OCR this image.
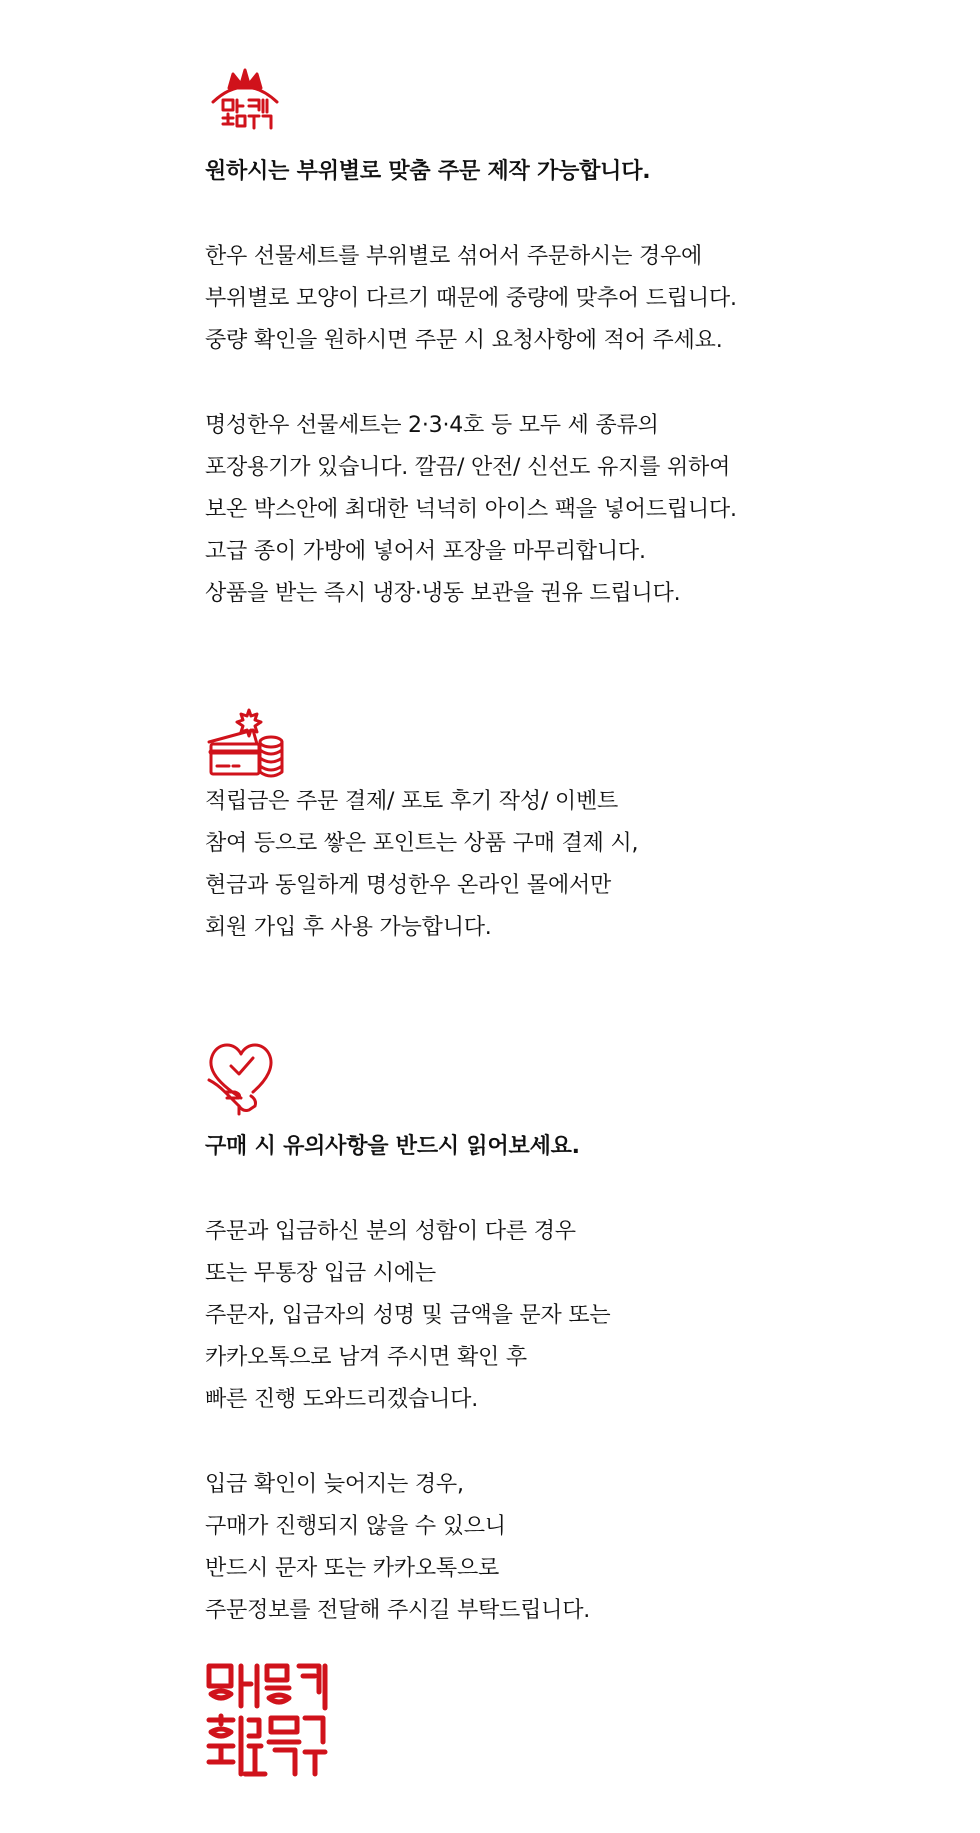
원하시는 부위별로 맞춤 주문 제작 가능합니다.
한우 선물세트를 부위별로 섞어서 주문하시는 경우에
부위별로 모양이 다르기 때문에 중량에 맞추어 드립니다.
중량 확인을 원하시면 주문 시 요청사항에 적어 주세요.
명성한우 선물세트는 2·3·4호 등 모두 세 종류의
포장용기가 있습니다. 깔끔/ 안전/ 신선도 유지를 위하여
보온 박스안에 최대한 넉넉히 아이스 팩을 넣어드립니다.
고급 종이 가방에 넣어서 포장을 마무리합니다.
상품을 받는 즉시 냉장·냉동 보관을 권유 드립니다.
적립금은 주문 결제/ 포토 후기 작성/ 이벤트
참여 등으로 쌓은 포인트는 상품 구매 결제 시,
현금과 동일하게 명성한우 온라인 몰에서만
회원 가입 후 사용 가능합니다.
구매 시 유의사항을 반드시 읽어보세요.
주문과 입금하신 분의 성함이 다른 경우
또는 무통장 입금 시에는
주문자, 입금자의 성명 및 금액을 문자 또는
카카오톡으로 남겨 주시면 확인 후
빠른 진행 도와드리겠습니다.
입금 확인이 늦어지는 경우,
구매가 진행되지 않을 수 있으니
반드시 문자 또는 카카오톡으로
주문정보를 전달해 주시길 부탁드립니다.
